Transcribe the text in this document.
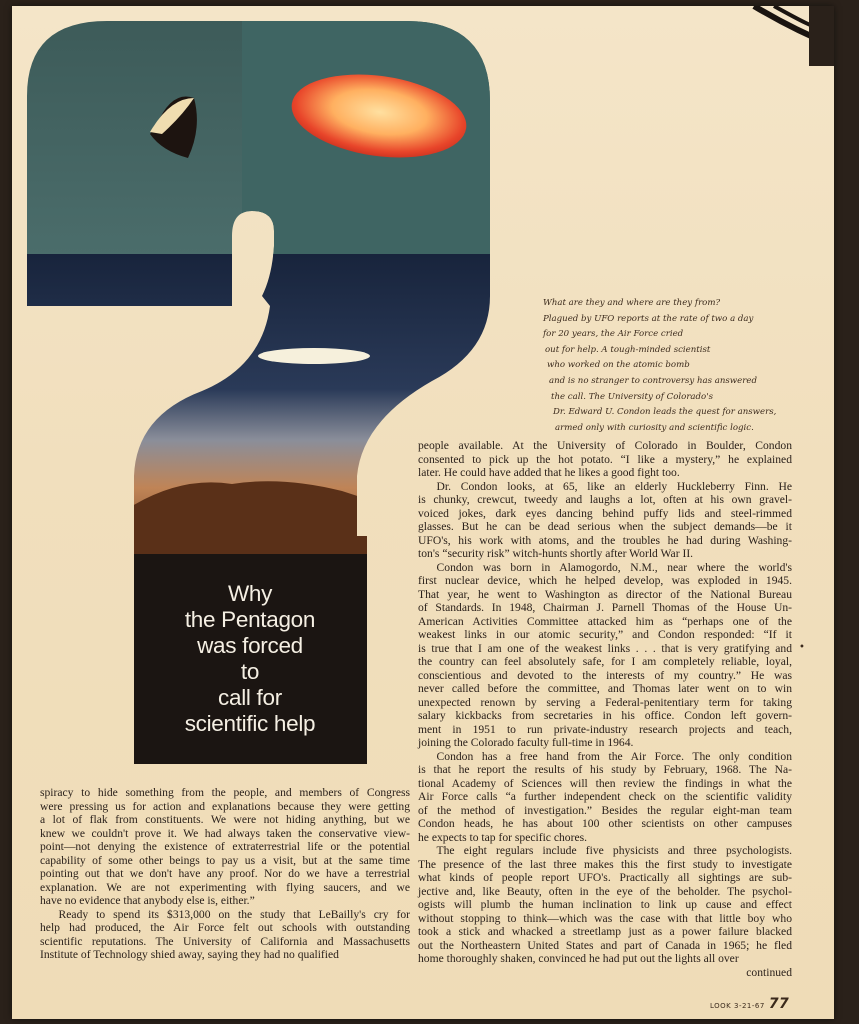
Why
the Pentagon
was forced
to
call for
scientific help
What are they and where are they from?
Plagued by UFO reports at the rate of two a day
for 20 years, the Air Force cried
out for help. A tough-minded scientist
who worked on the atomic bomb
and is no stranger to controversy has answered
the call. The University of Colorado's
Dr. Edward U. Condon leads the quest for answers,
armed only with curiosity and scientific logic.
people available. At the University of Colorado in Boulder, Condon
consented to pick up the hot potato. “I like a mystery,” he explained
later. He could have added that he likes a good fight too.
Dr. Condon looks, at 65, like an elderly Huckleberry Finn. He
is chunky, crewcut, tweedy and laughs a lot, often at his own gravel-
voiced jokes, dark eyes dancing behind puffy lids and steel-rimmed
glasses. But he can be dead serious when the subject demands—be it
UFO's, his work with atoms, and the troubles he had during Washing-
ton's “security risk” witch-hunts shortly after World War II.
Condon was born in Alamogordo, N.M., near where the world's
first nuclear device, which he helped develop, was exploded in 1945.
That year, he went to Washington as director of the National Bureau
of Standards. In 1948, Chairman J. Parnell Thomas of the House Un-
American Activities Committee attacked him as “perhaps one of the
weakest links in our atomic security,” and Condon responded: “If it
is true that I am one of the weakest links . . . that is very gratifying and
the country can feel absolutely safe, for I am completely reliable, loyal,
conscientious and devoted to the interests of my country.” He was
never called before the committee, and Thomas later went on to win
unexpected renown by serving a Federal-penitentiary term for taking
salary kickbacks from secretaries in his office. Condon left govern-
ment in 1951 to run private-industry research projects and teach,
joining the Colorado faculty full-time in 1964.
Condon has a free hand from the Air Force. The only condition
is that he report the results of his study by February, 1968. The Na-
tional Academy of Sciences will then review the findings in what the
Air Force calls “a further independent check on the scientific validity
of the method of investigation.” Besides the regular eight-man team
Condon heads, he has about 100 other scientists on other campuses
he expects to tap for specific chores.
The eight regulars include five physicists and three psychologists.
The presence of the last three makes this the first study to investigate
what kinds of people report UFO's. Practically all sightings are sub-
jective and, like Beauty, often in the eye of the beholder. The psychol-
ogists will plumb the human inclination to link up cause and effect
without stopping to think—which was the case with that little boy who
took a stick and whacked a streetlamp just as a power failure blacked
out the Northeastern United States and part of Canada in 1965; he fled
home thoroughly shaken, convinced he had put out the lights all over
continued
spiracy to hide something from the people, and members of Congress
were pressing us for action and explanations because they were getting
a lot of flak from constituents. We were not hiding anything, but we
knew we couldn't prove it. We had always taken the conservative view-
point—not denying the existence of extraterrestrial life or the potential
capability of some other beings to pay us a visit, but at the same time
pointing out that we don't have any proof. Nor do we have a terrestrial
explanation. We are not experimenting with flying saucers, and we
have no evidence that anybody else is, either.”
Ready to spend its $313,000 on the study that LeBailly's cry for
help had produced, the Air Force felt out schools with outstanding
scientific reputations. The University of California and Massachusetts
Institute of Technology shied away, saying they had no qualified
•
LOOK 3-21-67 77
